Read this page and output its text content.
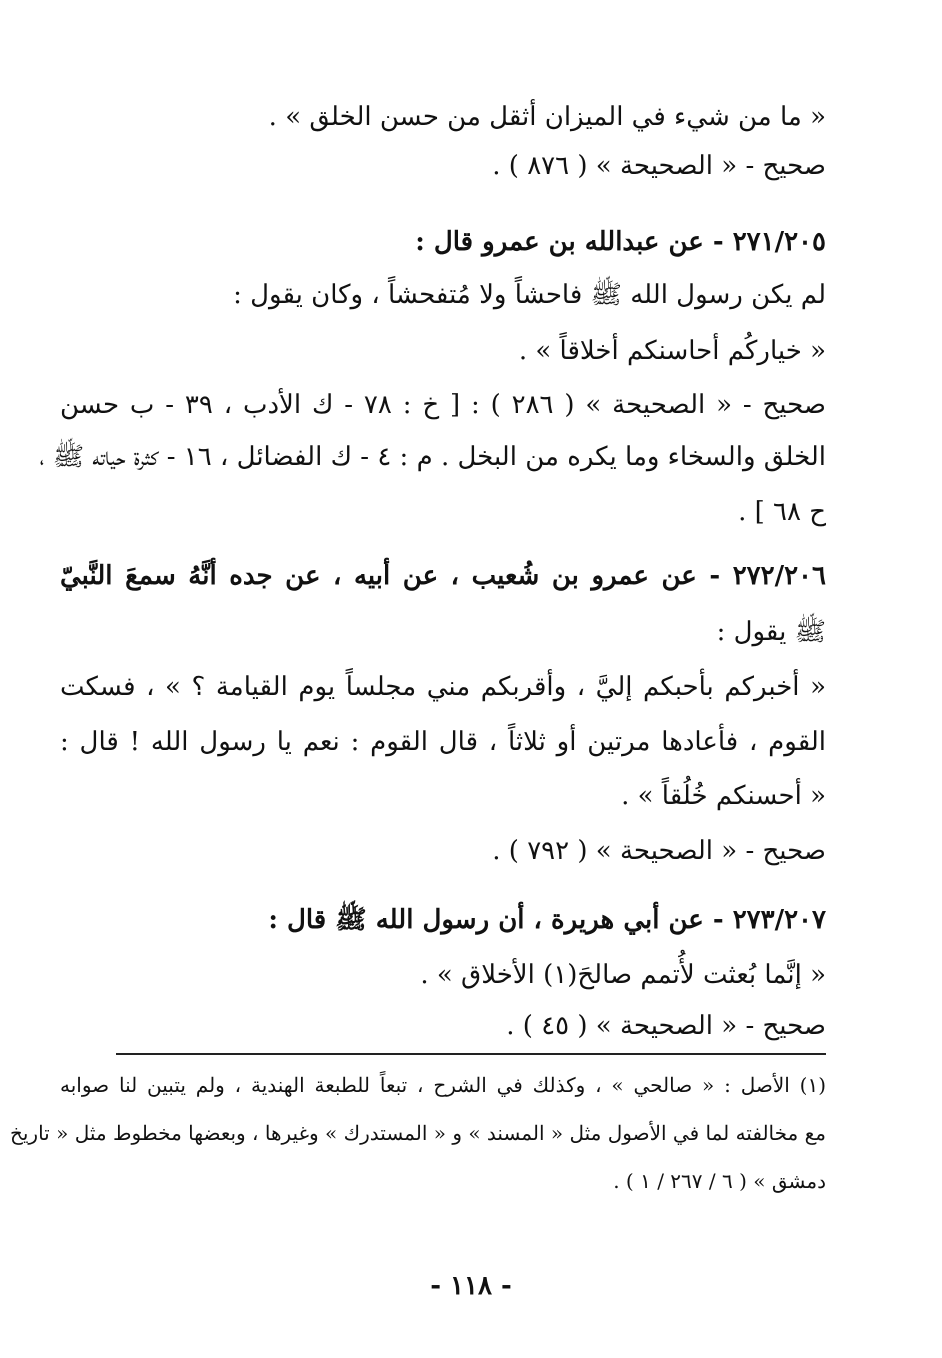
« ما من شيء في الميزان أثقل من حسن الخلق » .
صحيح - « الصحيحة » ( ٨٧٦ ) .
٢٧١/٢٠٥ - عن عبدالله بن عمرو قال :
لم يكن رسول الله ﷺ فاحشاً ولا مُتفحشاً ، وكان يقول :
« خياركُم أحاسنكم أخلاقاً » .
صحيح - « الصحيحة » ( ٢٨٦ ) : [ خ : ٧٨ - ك الأدب ، ٣٩ - ب حسن
الخلق والسخاء وما يكره من البخل . م : ٤ - ك الفضائل ، ١٦ - كثرة حياته ﷺ ،
ح ٦٨ ] .
٢٧٢/٢٠٦ - عن عمرو بن شُعيب ، عن أبيه ، عن جده أنَّهُ سمعَ النَّبيّ
ﷺ يقول :
« أخبركم بأحبكم إليَّ ، وأقربكم مني مجلساً يوم القيامة ؟ » ، فسكت
القوم ، فأعادها مرتين أو ثلاثاً ، قال القوم : نعم يا رسول الله ! قال :
« أحسنكم خُلُقاً » .
صحيح - « الصحيحة » ( ٧٩٢ ) .
٢٧٣/٢٠٧ - عن أبي هريرة ، أن رسول الله ﷺ قال :
« إنَّما بُعثت لأُتمم صالحَ(١) الأخلاق » .
صحيح - « الصحيحة » ( ٤٥ ) .
(١) الأصل : « صالحي » ، وكذلك في الشرح ، تبعاً للطبعة الهندية ، ولم يتبين لنا صوابه
مع مخالفته لما في الأصول مثل « المسند » و « المستدرك » وغيرها ، وبعضها مخطوط مثل « تاريخ
دمشق » ( ٦ / ٢٦٧ / ١ ) .
- ١١٨ -
